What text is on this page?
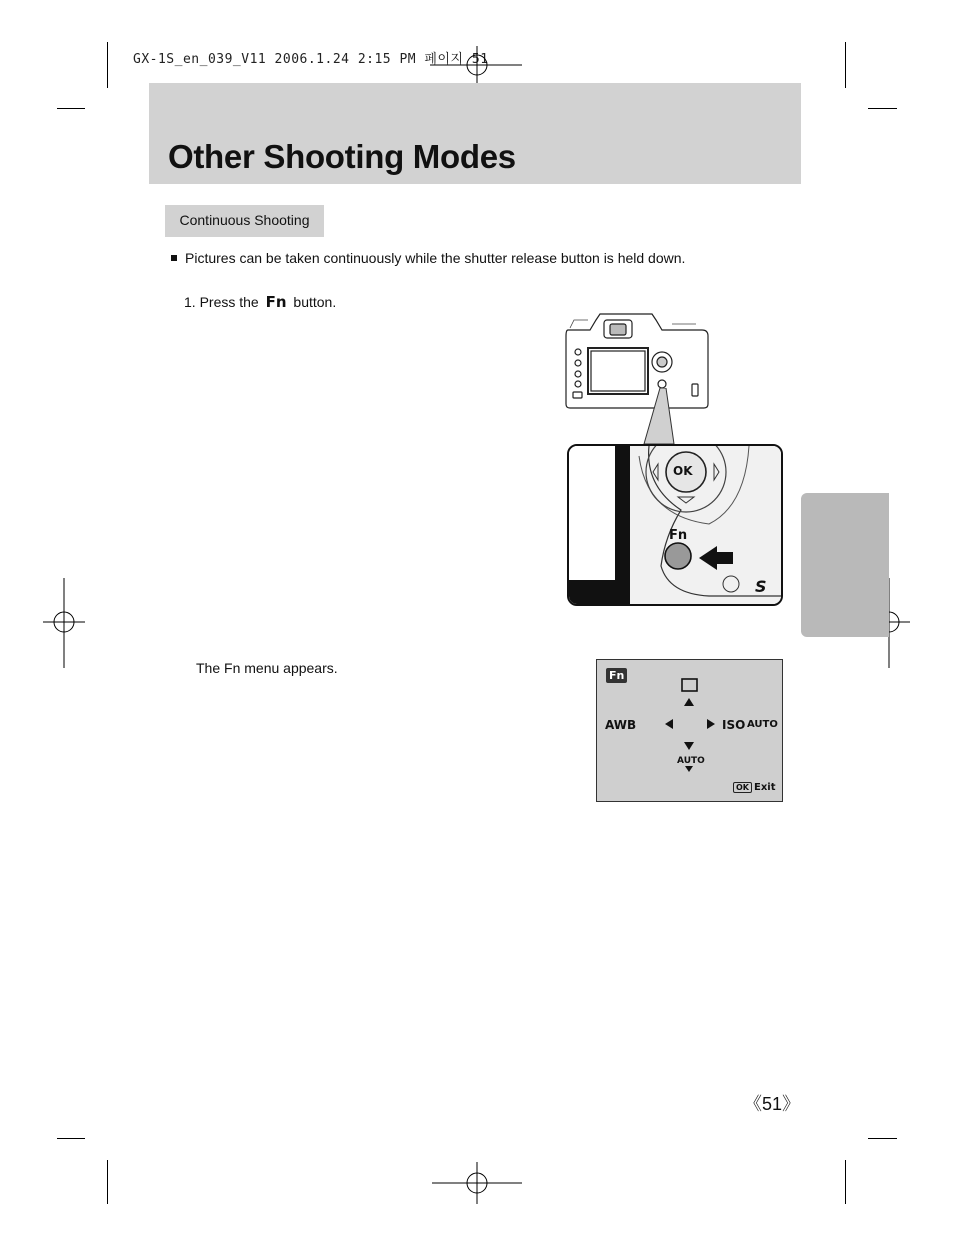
GX-1S_en_039_V11 2006.1.24 2:15 PM 페이지 51
Other Shooting Modes
Continuous Shooting
Pictures can be taken continuously while the shutter release button is held down.
1. Press the Fn button.
S
OK
Fn
The Fn menu appears.	Fn
AWB	ISO AUTO
AUTO
OK Exit
《51》
